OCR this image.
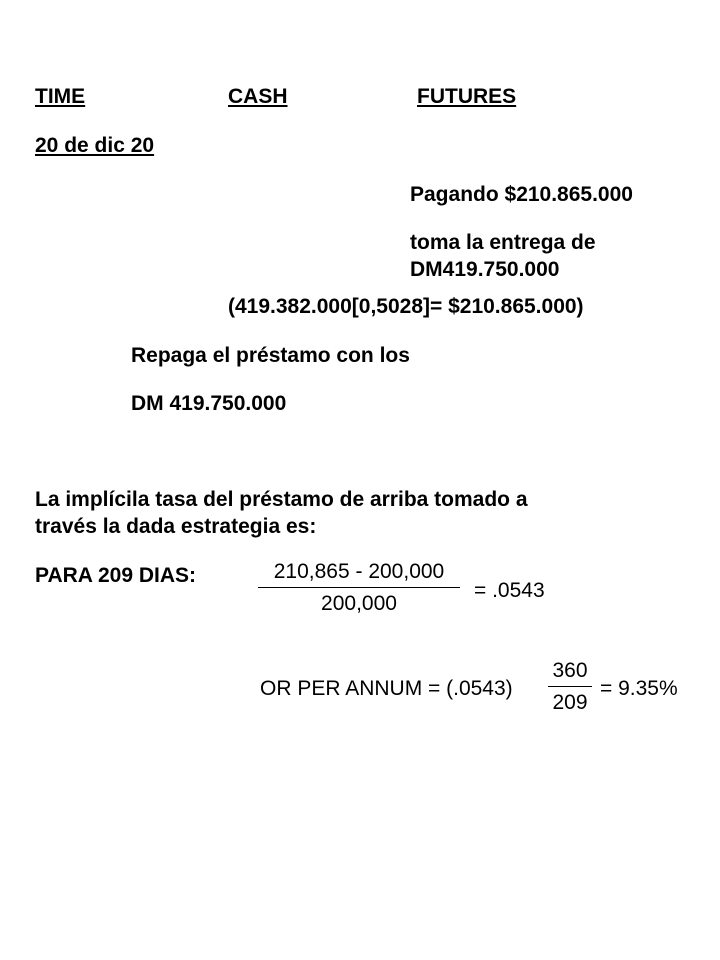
TIME	CASH	FUTURES
20 de dic 20
Pagando $210.865.000
toma la entrega de
DM419.750.000
(419.382.000[0,5028]= $210.865.000)
Repaga el préstamo con los
DM 419.750.000
La implícila tasa del préstamo de arriba tomado a
través la dada estrategia es:
PARA 209 DIAS:	210,865 - 200,000
200,000
= .0543
OR PER ANNUM = (.0543)
360
209
= 9.35%
